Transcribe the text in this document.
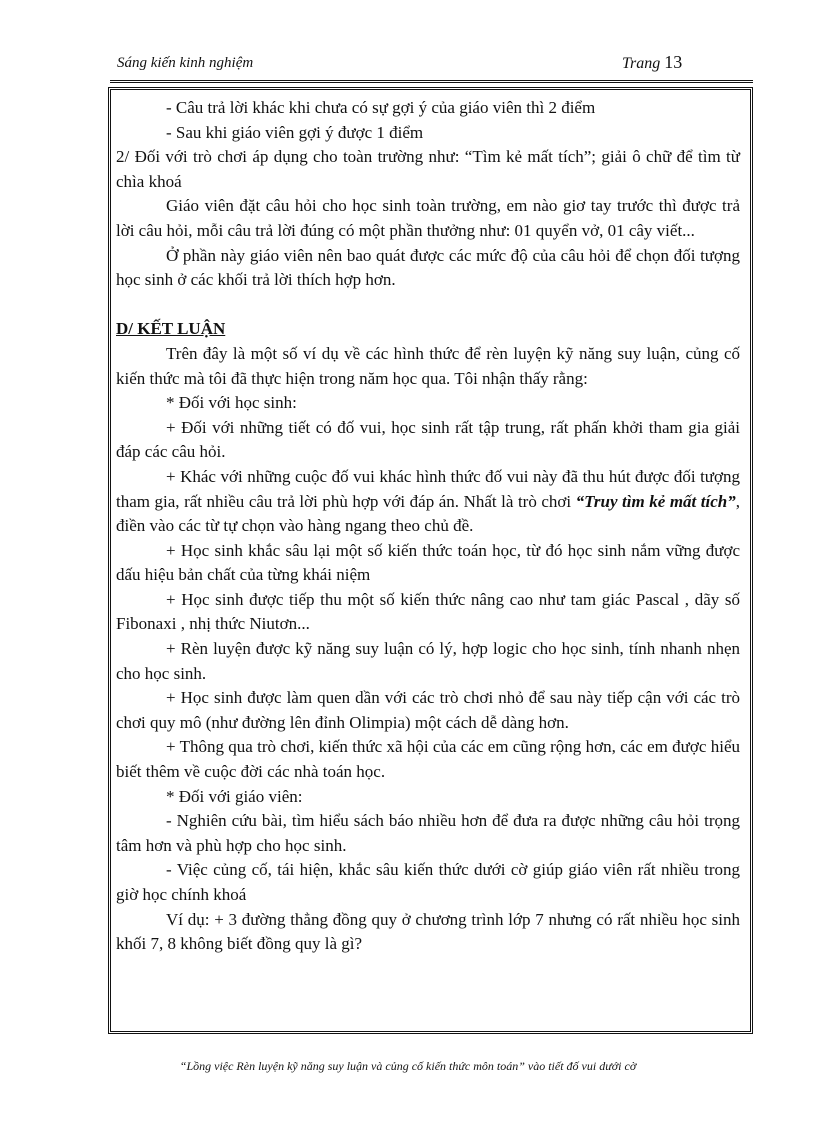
Sáng kiến kinh nghiệm	Trang 13

- Câu trả lời khác khi chưa có sự gợi ý của giáo viên thì 2 điểm

- Sau khi giáo viên gợi ý được 1 điểm

2/ Đối với trò chơi áp dụng cho toàn trường như: “Tìm kẻ mất tích”; giải ô chữ để tìm từ chìa khoá

Giáo viên đặt câu hỏi cho học sinh toàn trường, em nào giơ tay trước thì được trả lời câu hỏi, mỗi câu trả lời đúng có một phần thưởng như: 01 quyển vở, 01 cây viết...

Ở phần này giáo viên nên bao quát được các mức độ của câu hỏi để chọn đối tượng học sinh ở các khối trả lời thích hợp hơn.

D/ KẾT LUẬN

Trên đây là một số ví dụ về các hình thức để rèn luyện kỹ năng suy luận, củng cố kiến thức mà tôi đã thực hiện trong năm học qua. Tôi nhận thấy rằng:

* Đối với học sinh:

+ Đối với những tiết có đố vui, học sinh rất tập trung, rất phấn khởi tham gia giải đáp các câu hỏi.

+ Khác với những cuộc đố vui khác hình thức đố vui này đã thu hút được đối tượng tham gia, rất nhiều câu trả lời phù hợp với đáp án. Nhất là trò chơi “Truy tìm kẻ mất tích”, điền vào các từ tự chọn vào hàng ngang theo chủ đề.

+ Học sinh khắc sâu lại một số kiến thức toán học, từ đó học sinh nắm vững được dấu hiệu bản chất của từng khái niệm

+ Học sinh được tiếp thu một số kiến thức nâng cao như tam giác Pascal , dãy số Fibonaxi , nhị thức Niutơn...

+ Rèn luyện được kỹ năng suy luận có lý, hợp logic cho học sinh, tính nhanh nhẹn cho học sinh.

+ Học sinh được làm quen dần với các trò chơi nhỏ để sau này tiếp cận với các trò chơi quy mô (như đường lên đỉnh Olimpia) một cách dễ dàng hơn.

+ Thông qua trò chơi, kiến thức xã hội của các em cũng rộng hơn, các em được hiểu biết thêm về cuộc đời các nhà toán học.

* Đối với giáo viên:

- Nghiên cứu bài, tìm hiểu sách báo nhiều hơn để đưa ra được những câu hỏi trọng tâm hơn và phù hợp cho học sinh.

- Việc củng cố, tái hiện, khắc sâu kiến thức dưới cờ giúp giáo viên rất nhiều trong giờ học chính khoá

Ví dụ: + 3 đường thẳng đồng quy ở chương trình lớp 7 nhưng có rất nhiều học sinh khối 7, 8 không biết đồng quy là gì?

“Lồng việc Rèn luyện kỹ năng suy luận và củng cố kiến thức môn toán” vào tiết đố vui dưới cờ
